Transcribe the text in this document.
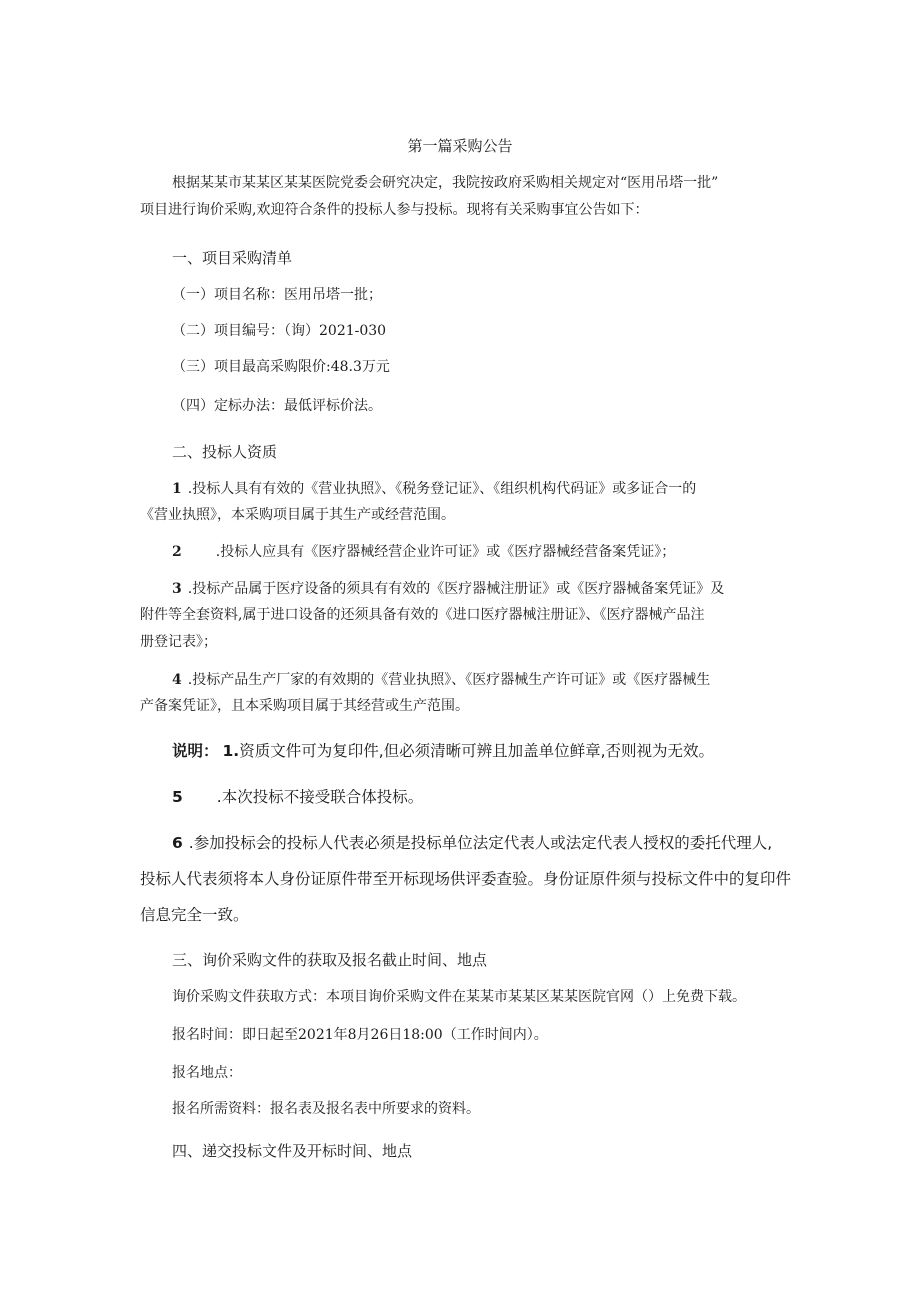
第一篇采购公告
根据某某市某某区某某医院党委会研究决定，我院按政府采购相关规定对“医用吊塔一批”
项目进行询价采购,欢迎符合条件的投标人参与投标。现将有关采购事宜公告如下：
一、项目采购清单
（一）项目名称：医用吊塔一批；
（二）项目编号：（询）2021-030
（三）项目最高采购限价:48.3万元
（四）定标办法：最低评标价法。
二、投标人资质
1 .投标人具有有效的《营业执照》、《税务登记证》、《组织机构代码证》或多证合一的
《营业执照》，本采购项目属于其生产或经营范围。
2 .投标人应具有《医疗器械经营企业许可证》或《医疗器械经营备案凭证》；
3 .投标产品属于医疗设备的须具有有效的《医疗器械注册证》或《医疗器械备案凭证》及
附件等全套资料,属于进口设备的还须具备有效的《进口医疗器械注册证》、《医疗器械产品注
册登记表》；
4 .投标产品生产厂家的有效期的《营业执照》、《医疗器械生产许可证》或《医疗器械生
产备案凭证》，且本采购项目属于其经营或生产范围。
说明： 1.资质文件可为复印件,但必须清晰可辨且加盖单位鲜章,否则视为无效。
5 .本次投标不接受联合体投标。
6 .参加投标会的投标人代表必须是投标单位法定代表人或法定代表人授权的委托代理人,
投标人代表须将本人身份证原件带至开标现场供评委查验。身份证原件须与投标文件中的复印件
信息完全一致。
三、询价采购文件的获取及报名截止时间、地点
询价采购文件获取方式：本项目询价采购文件在某某市某某区某某医院官网（）上免费下载。
报名时间：即日起至2021年8月26日18:00（工作时间内）。
报名地点：
报名所需资料：报名表及报名表中所要求的资料。
四、递交投标文件及开标时间、地点
